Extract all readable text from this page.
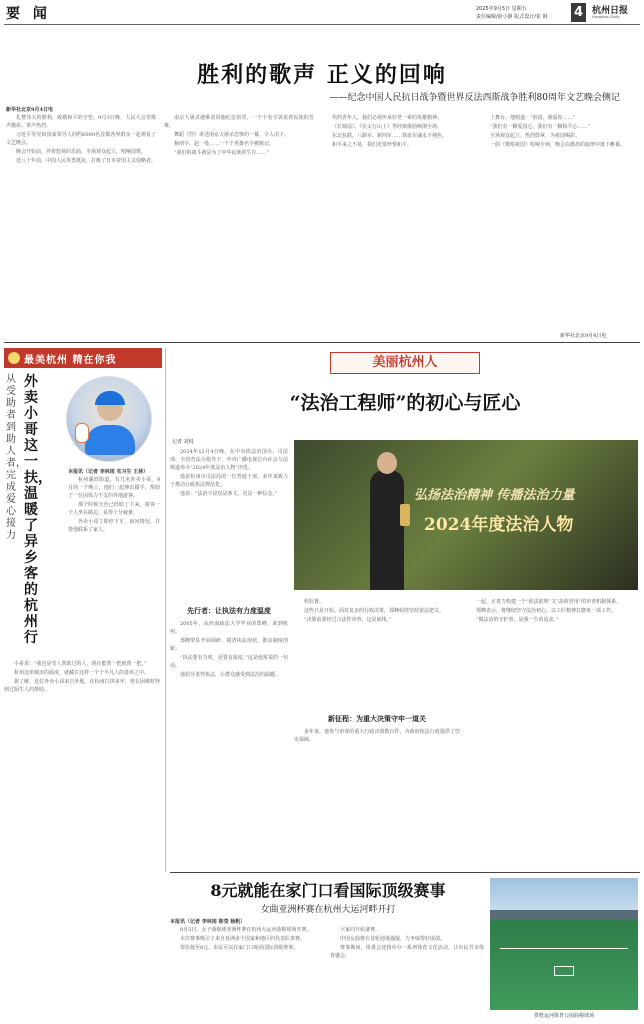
要 闻	2025年9月5日 星期五
责任编辑/俞小静 版式设计/崔 钢 4 杭州日报
Hangzhou Daily
胜利的歌声 正义的回响
——纪念中国人民抗日战争暨世界反法西斯战争胜利80周年文艺晚会侧记
新华社北京9月4日电

礼赞伟大的胜利，致敬和平的守望。9月3日晚，人民大会堂歌声激昂、掌声热烈。

习近平等党和国家领导人同约6000名首都各界群众一起观看了文艺晚会。

晚会开始前，伴着悠扬的乐曲，全场观众起立，唱响国歌。

近八十年前，中国人民英勇抵抗，打败了日本帝国主义侵略者。

南京大屠杀遇难者同胞纪念馆里，一个个名字诉说着民族的苦难。

舞蹈《烈》讲述南京大屠杀悲惨的一幕，令人泪下。

杨靖宇、赵一曼……一个个英雄名字被铭记。

“我们的战斗就是为了中华民族的生存……”

代的青年人，我们必须传承好老一辈的英雄精神。

《长城谣》、《在太行山上》等经典歌曲响彻全场。

东北抗联、八路军、新四军……铁血军魂永不褪色。

和平来之不易，我们更要珍惜和平。

上舞台，他唱道：“祖国、我爱你……”

“我们有一颗爱国心，我们有一颗和平心……”

全场观众起立，热烈鼓掌，为祖国喝彩。

一曲《歌唱祖国》唱响全场，晚会在激昂的旋律中落下帷幕。

新华社北京9月4日电
最美杭州 精在你我
外卖小哥这一扶，温暖了异乡客的杭州行
从受助者到助人者，完成爱心接力
本报讯（记者 李林雨 实习生 王林）

杭州湖滨街道，有几名外卖小哥。9月的一个晚上，他们一起伸出援手，帮助了一位因体力不支的外地游客。

那个时候天色已经暗了下来，游客一个人坐在路边，显得十分疲惫。

外卖小哥立即停下车，询问情况，并帮他联系了家人。

小哥说：“我也是受人帮助过的人，现在能帮一把就帮一把。”

杭州这座城市的温度，就藏在这样一个个平凡人的善举之中。

据了解，这位外卖小哥来自外地，在杭州打拼多年，曾在困难时得到过陌生人的帮助。

美丽杭州人
“法治工程师”的初心与匠心
记者 刘悦

2024年12月4日晚，在中央依法治国办、司法部、全国普法办指导下，中央广播电视总台社会与法频道举办“2024年度法治人物”评选。

他是杭州市司法局的一位普通干部，多年来致力于推动行政执法规范化。

他说：“法治不仅仅是条文，更是一种信念。”

先行者：让执法有力度温度

2005年，从西南政法大学毕业的郑峰，来到杭州。

郑峰带队开展调研，摸清执法现状，推动制度创新。

“执法要有力度，更要有温度。”这是他常说的一句话。

他倡导柔性执法，让群众感受到法治的温暖。

弘扬法治精神 传播法治力量
2024年度法治人物

程监督。

这些只是开始。面对复杂的行政决策，郑峰始终坚持依法把关。

“决策前要经过合法性审查，这是底线。”

新征程：为重大决策守牢一道关

多年来，他参与审查的重大行政决策数百件，为政府依法行政提供了坚实保障。

一起，正着力构建一个“依法依规”又“高效管用”的审查机制体系。

郑峰表示，将继续坚守法治初心，以工匠精神打磨每一项工作。

“做法治的守护者，是我一生的追求。”

8元就能在家门口看国际顶级赛事
女曲亚洲杯赛在杭州大运河畔开打
本报讯（记者 李林雨 陈莹 杨帆）

9月5日，女子曲棍球亚洲杯赛在杭州大运河曲棍球场开赛。

本次赛事吸引了来自亚洲多个国家和地区的代表队参赛。

票价低至8元，市民可以在家门口观看国际顶级赛事。

大家同开始备赛。

中国女曲将在首轮迎战强敌，力争取得好成绩。

赛事期间，组委会还将举办一系列体育文化活动，让市民共享体育盛会。

拱墅运河体育公园曲棍球场
